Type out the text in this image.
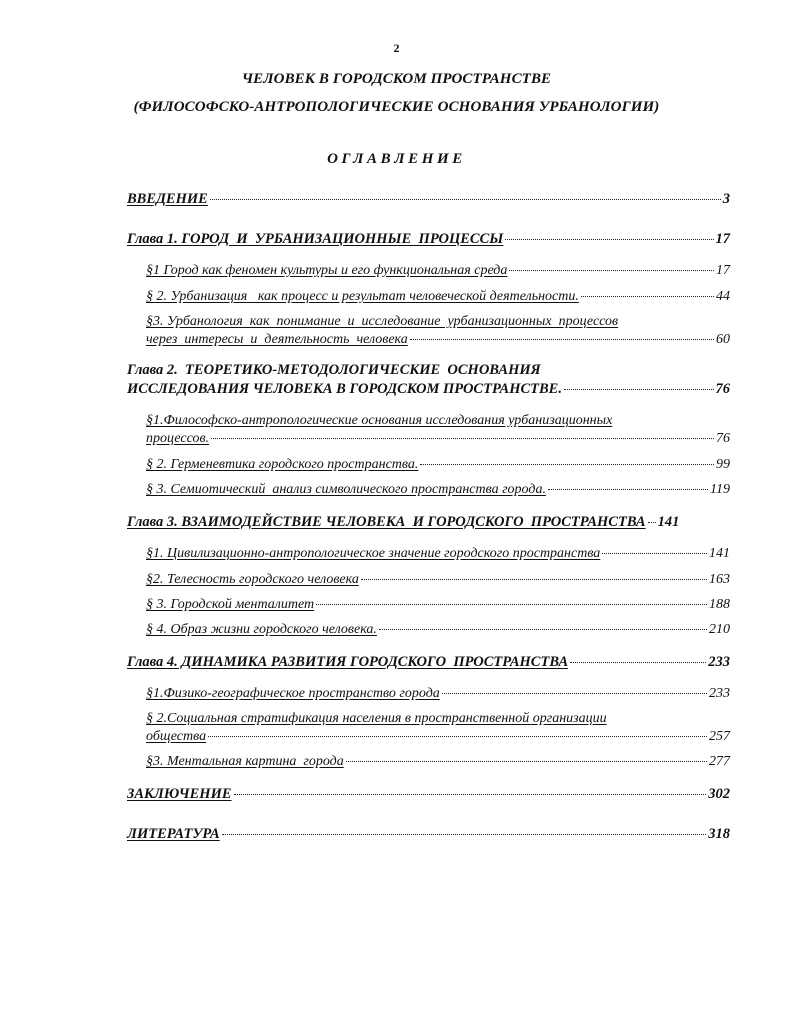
2
ЧЕЛОВЕК В ГОРОДСКОМ ПРОСТРАНСТВЕ
(ФИЛОСОФСКО-АНТРОПОЛОГИЧЕСКИЕ ОСНОВАНИЯ УРБАНОЛОГИИ)
ОГЛАВЛЕНИЕ
ВВЕДЕНИЕ	3
Глава 1. ГОРОД  И  УРБАНИЗАЦИОННЫЕ  ПРОЦЕССЫ	17
§1 Город как феномен культуры и его функциональная среда	17
§ 2. Урбанизация   как процесс и результат человеческой деятельности.	44
§3. Урбанология  как  понимание  и  исследование  урбанизационных  процессов
через  интересы  и  деятельность  человека	60
Глава 2.  ТЕОРЕТИКО-МЕТОДОЛОГИЧЕСКИЕ  ОСНОВАНИЯ
ИССЛЕДОВАНИЯ ЧЕЛОВЕКА В ГОРОДСКОМ ПРОСТРАНСТВЕ.	76
§1.Философско-антропологические основания исследования урбанизационных
процессов.	76
§ 2. Герменевтика городского пространства.	99
§ 3. Семиотический  анализ символического пространства города.	119
Глава 3. ВЗАИМОДЕЙСТВИЕ ЧЕЛОВЕКА  И ГОРОДСКОГО  ПРОСТРАНСТВА 141
§1. Цивилизационно-антропологическое значение городского пространства	141
§2. Телесность городского человека	163
§ 3. Городской менталитет	188
§ 4. Образ жизни городского человека.	210
Глава 4. ДИНАМИКА РАЗВИТИЯ ГОРОДСКОГО  ПРОСТРАНСТВА	233
§1.Физико-географическое пространство города	233
§ 2.Социальная стратификация населения в пространственной организации
общества	257
§3. Ментальная картина  города	277
ЗАКЛЮЧЕНИЕ	302
ЛИТЕРАТУРА	318
